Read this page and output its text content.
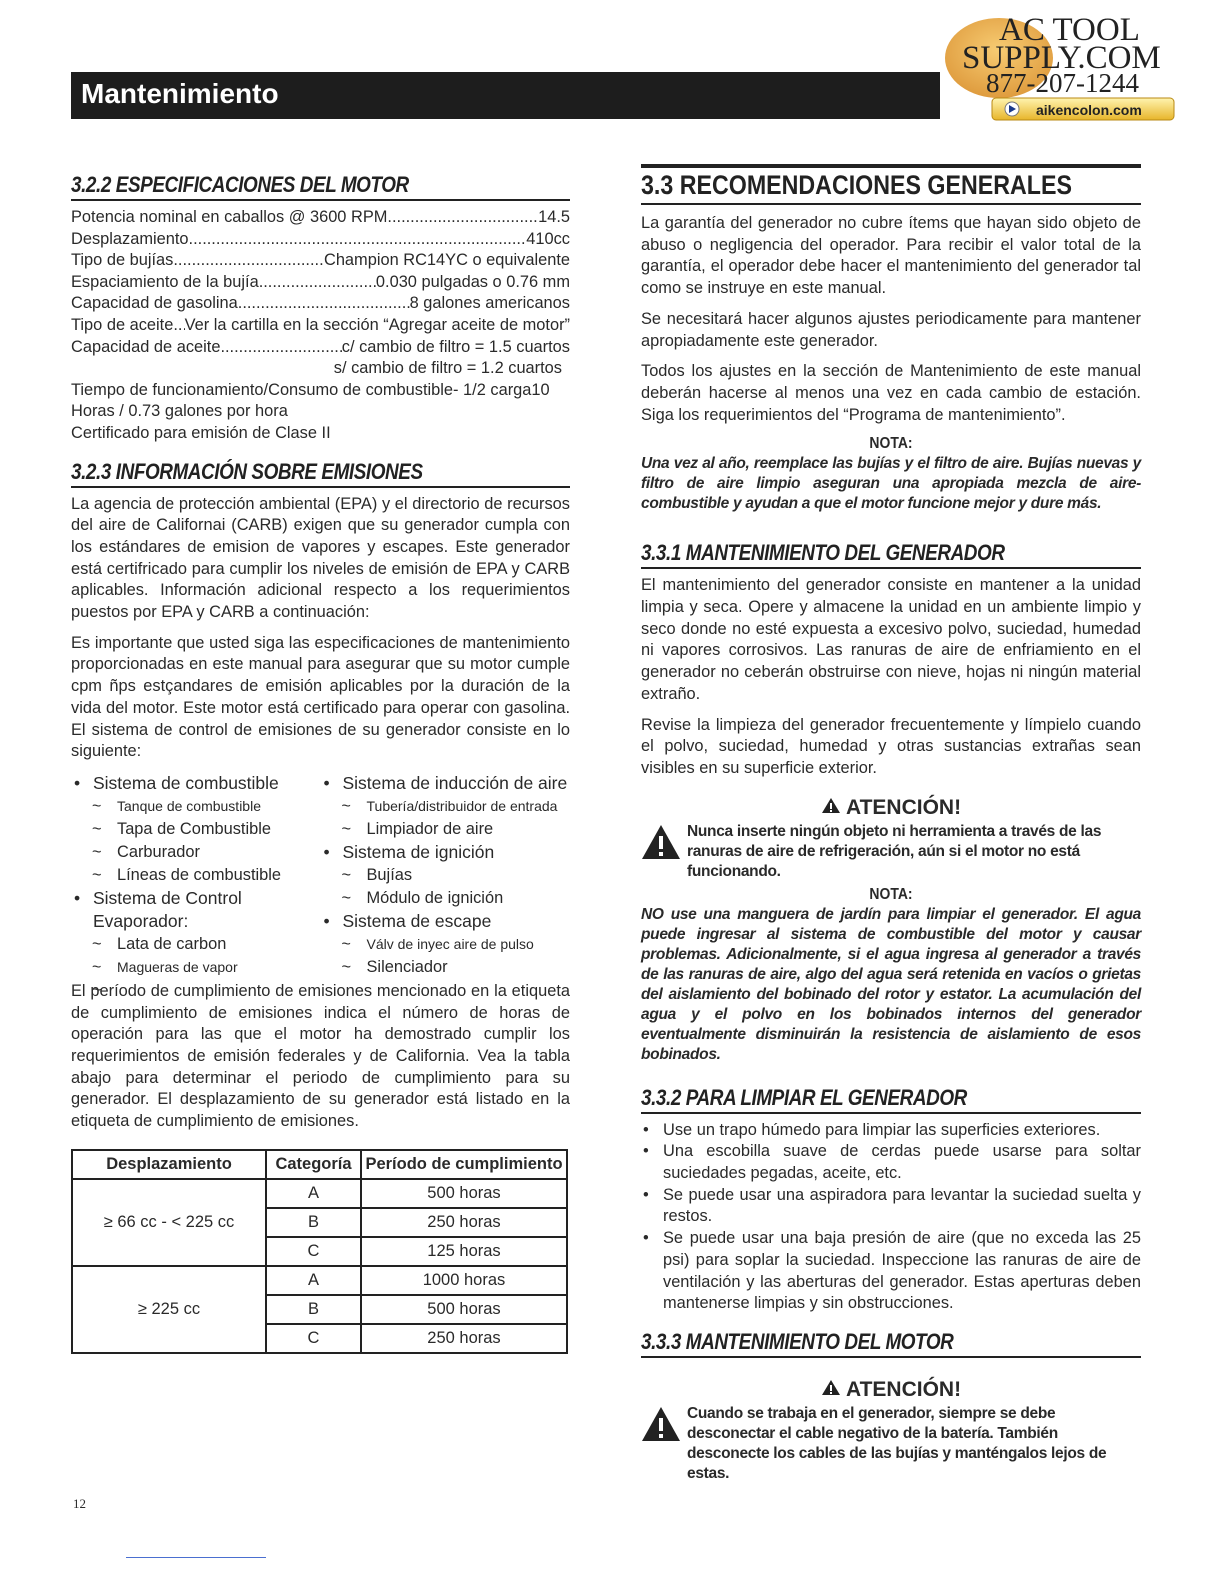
Mantenimiento
AC TOOL
SUPPLY.COM
877-207-1244
aikencolon.com
3.2.2 ESPECIFICACIONES DEL MOTOR
Potencia nominal en caballos @ 3600 RPM .....	14.5
Desplazamiento .....	410cc
Tipo de bujías .....	Champion RC14YC o equivalente
Espaciamiento de la bujía .....	0.030 pulgadas o 0.76 mm
Capacidad de gasolina .....	8 galones americanos
Tipo de aceite ..... Ver la cartilla en la sección “Agregar aceite de motor”
Capacidad de aceite .....	c/ cambio de filtro = 1.5 cuartos
s/ cambio de filtro = 1.2 cuartos
Tiempo de funcionamiento/Consumo de combustible- 1/2 carga10 Horas / 0.73 galones por hora
Certificado para emisión de Clase II
3.2.3 INFORMACIÓN SOBRE EMISIONES

La agencia de protección ambiental (EPA) y el directorio de recursos del aire de Californai (CARB) exigen que su generador cumpla con los estándares de emision de vapores y escapes. Este generador está certifricado para cumplir los niveles de emisión de EPA y CARB aplicables. Información adicional respecto a los requerimientos puestos por EPA y CARB a continuación:

Es importante que usted siga las especificaciones de mantenimiento proporcionadas en este manual para asegurar que su motor cumple cpm ñps estçandares de emisión aplicables por la duración de la vida del motor. Este motor está certificado para operar con gasolina. El sistema de control de emisiones de su generador consiste en lo siguiente:

• Sistema de combustible
~ Tanque de combustible
~ Tapa de Combustible
~ Carburador
~ Líneas de combustible
• Sistema de Control Evaporador:
~ Lata de carbon
~ Magueras de vapor
• Sistema de inducción de aire
~ Tubería/distribuidor de entrada
~ Limpiador de aire
• Sistema de ignición
~ Bujías
~ Módulo de ignición
• Sistema de escape
~ Válv de inyec aire de pulso
~ Silenciador

El período de cumplimiento de emisiones mencionado en la etiqueta de cumplimiento de emisiones indica el número de horas de operación para las que el motor ha demostrado cumplir los requerimientos de emisión federales y de California. Vea la tabla abajo para determinar el periodo de cumplimiento para su generador. El desplazamiento de su generador está listado en la etiqueta de cumplimiento de emisiones.

Desplazamiento	Categoría	Período de cumplimiento
≥ 66 cc - < 225 cc	A	500 horas
	B	250 horas
	C	125 horas
≥ 225 cc	A	1000 horas
	B	500 horas
	C	250 horas
3.3 RECOMENDACIONES GENERALES

La garantía del generador no cubre ítems que hayan sido objeto de abuso o negligencia del operador. Para recibir el valor total de la garantía, el operador debe hacer el mantenimiento del generador tal como se instruye en este manual.

Se necesitará hacer algunos ajustes periodicamente para mantener apropiadamente este generador.

Todos los ajustes en la sección de Mantenimiento de este manual deberán hacerse al menos una vez en cada cambio de estación. Siga los requerimientos del “Programa de mantenimiento”.

NOTA:
Una vez al año, reemplace las bujías y el filtro de aire. Bujías nuevas y filtro de aire limpio aseguran una apropiada mezcla de aire-combustible y ayudan a que el motor funcione mejor y dure más.
3.3.1 MANTENIMIENTO DEL GENERADOR

El mantenimiento del generador consiste en mantener a la unidad limpia y seca. Opere y almacene la unidad en un ambiente limpio y seco donde no esté expuesta a excesivo polvo, suciedad, humedad ni vapores corrosivos. Las ranuras de aire de enfriamiento en el generador no ceberán obstruirse con nieve, hojas ni ningún material extraño.

Revise la limpieza del generador frecuentemente y límpielo cuando el polvo, suciedad, humedad y otras sustancias extrañas sean visibles en su superficie exterior.

ATENCIÓN!
Nunca inserte ningún objeto ni herramienta a través de las ranuras de aire de refrigeración, aún si el motor no está funcionando.
NOTA:
NO use una manguera de jardín para limpiar el generador. El agua puede ingresar al sistema de combustible del motor y causar problemas. Adicionalmente, si el agua ingresa al generador a través de las ranuras de aire, algo del agua será retenida en vacíos o grietas del aislamiento del bobinado del rotor y estator. La acumulación del agua y el polvo en los bobinados internos del generador eventualmente disminuirán la resistencia de aislamiento de esos bobinados.
3.3.2 PARA LIMPIAR EL GENERADOR
• Use un trapo húmedo para limpiar las superficies exteriores.
• Una escobilla suave de cerdas puede usarse para soltar suciedades pegadas, aceite, etc.
• Se puede usar una aspiradora para levantar la suciedad suelta y restos.
• Se puede usar una baja presión de aire (que no exceda las 25 psi) para soplar la suciedad. Inspeccione las ranuras de aire de ventilación y las aberturas del generador. Estas aperturas deben mantenerse limpias y sin obstrucciones.
3.3.3 MANTENIMIENTO DEL MOTOR
ATENCIÓN!
Cuando se trabaja en el generador, siempre se debe desconectar el cable negativo de la batería. También desconecte los cables de las bujías y manténgalos lejos de estas.
12
